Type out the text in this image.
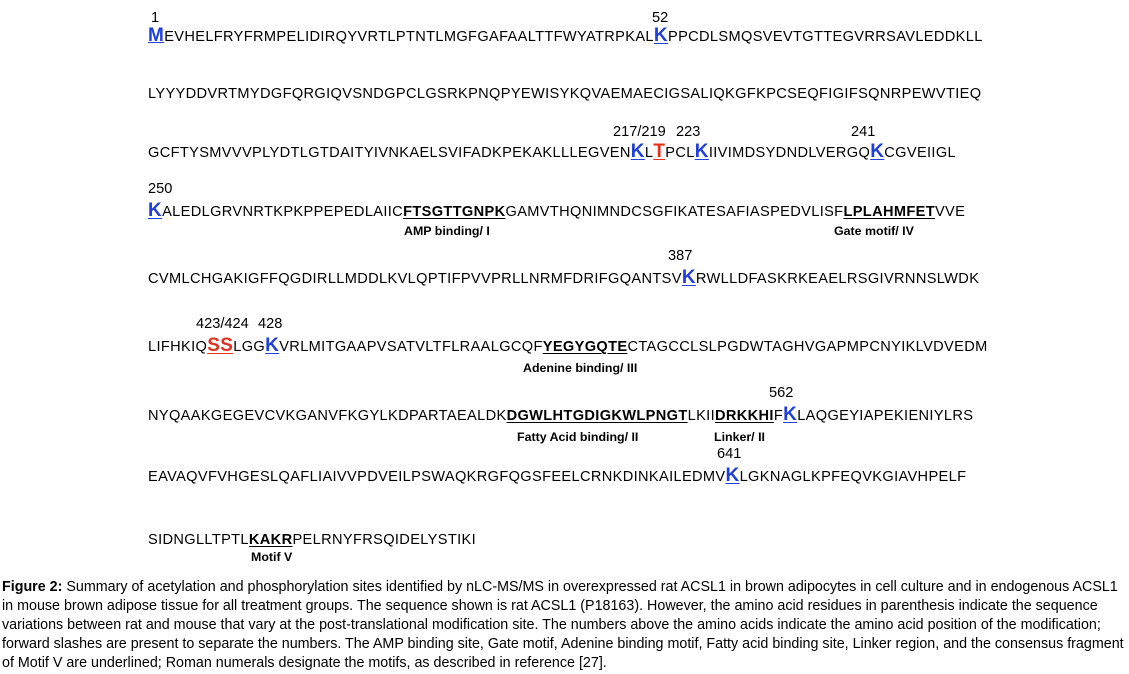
1	52
MEVHELFRYFRMPELIDIRQYVRTLPTNTLMGFGAFAALTTFWYATRPKALKPPCDLSMQSVEVTGTTEGVRRSAVLEDDKLL
LYYYDDVRTMYDGFQRGIQVSNDGPCLGSRKPNQPYEWISYKQVAEMAECIGSALIQKGFKPCSEQFIGIFSQNRPEWVTIEQ
217/219 223	241
GCFTYSMVVVPLYDTLGTDAITYIVNKAELSVIFADKPEKAKLLLEGVENKLTPCLKIIVIMDSYDNDLVERGQKCGVEIIGL
250
KALEDLGRVNRTKPKPPEPEDLAIICFTSGTTGNPKGAMVTHQNIMNDCSGFIKATESAFIASPEDVLISFLPLAHMFETVVE
AMP binding/ I	Gate motif/ IV
387
CVMLCHGAKIGFFQGDIRLLMDDLKVLQPTIFPVVPRLLNRMFDRIFGQANTSVKRWLLDFASKRKEAELRSGIVRNNSLWDK
423/424 428
LIFHKIQSSLGGKVRLMITGAAPVSATVLTFLRAALGCQFYEGYGQTECTAGCCLSLPGDWTAGHVGAPMPCNYIKLVDVEDM
Adenine binding/ III
562
NYQAAKGEGEVCVKGANVFKGYLKDPARTAEALDKDGWLHTGDIGKWLPNGTLKIIDRKKHIFKLAQGEYIAPEKIENIYLRS
Fatty Acid binding/ II	Linker/ II
641
EAVAQVFVHGESLQAFLIAIVVPDVEILPSWAQKRGFQGSFEELCRNKDINKAILEDMVKLGKNAGLKPFEQVKGIAVHPELF
SIDNGLLTPTLKAKRPELRNYFRSQIDELYSTIKI
Motif V
Figure 2: Summary of acetylation and phosphorylation sites identified by nLC-MS/MS in overexpressed rat ACSL1 in brown adipocytes in cell culture and in endogenous ACSL1 in mouse brown adipose tissue for all treatment groups. The sequence shown is rat ACSL1 (P18163). However, the amino acid residues in parenthesis indicate the sequence variations between rat and mouse that vary at the post-translational modification site. The numbers above the amino acids indicate the amino acid position of the modification; forward slashes are present to separate the numbers. The AMP binding site, Gate motif, Adenine binding motif, Fatty acid binding site, Linker region, and the consensus fragment of Motif V are underlined; Roman numerals designate the motifs, as described in reference [27].
